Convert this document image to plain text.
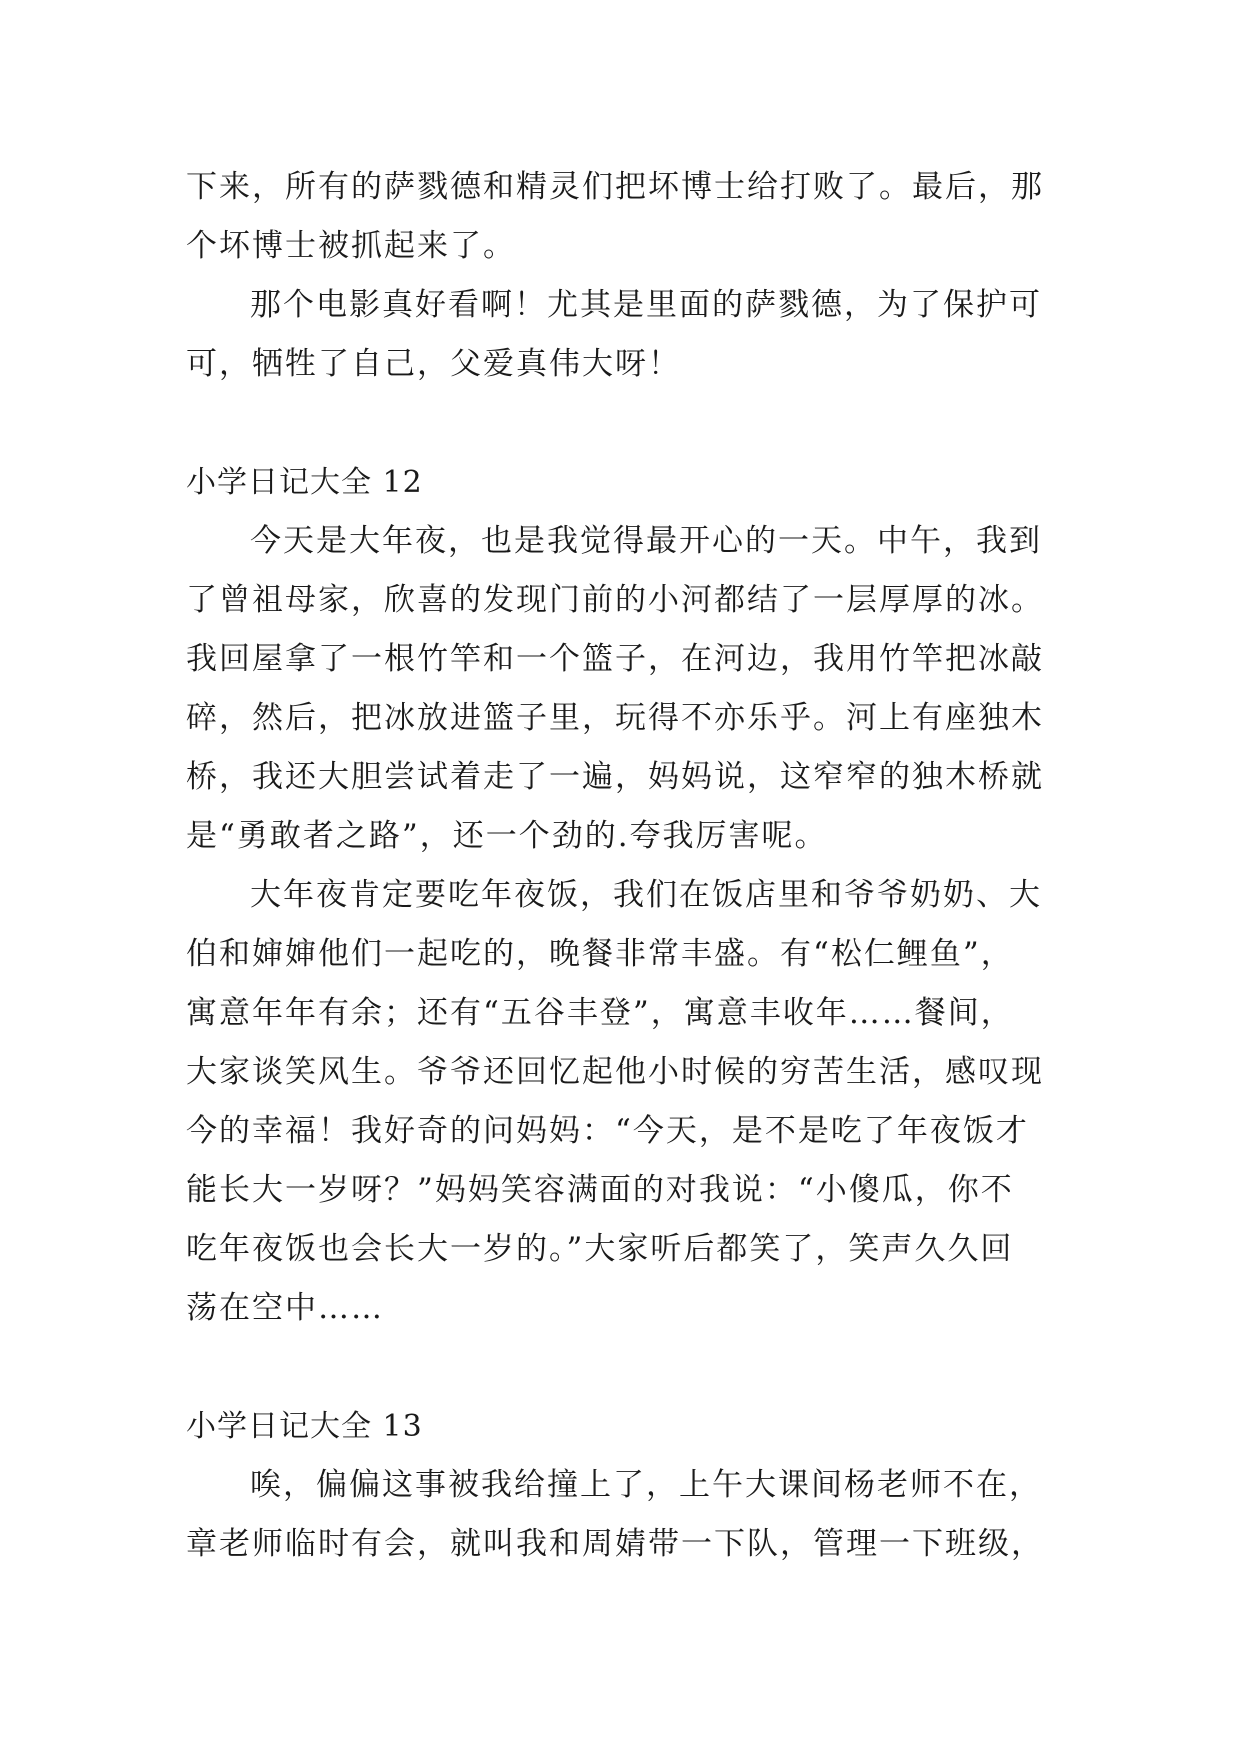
下来，所有的萨戮德和精灵们把坏博士给打败了。最后，那
个坏博士被抓起来了。
那个电影真好看啊！尤其是里面的萨戮德，为了保护可
可，牺牲了自己，父爱真伟大呀！
小学日记大全 12
今天是大年夜，也是我觉得最开心的一天。中午，我到
了曾祖母家，欣喜的发现门前的小河都结了一层厚厚的冰。
我回屋拿了一根竹竿和一个篮子，在河边，我用竹竿把冰敲
碎，然后，把冰放进篮子里，玩得不亦乐乎。河上有座独木
桥，我还大胆尝试着走了一遍，妈妈说，这窄窄的独木桥就
是“勇敢者之路”，还一个劲的.夸我厉害呢。
大年夜肯定要吃年夜饭，我们在饭店里和爷爷奶奶、大
伯和婶婶他们一起吃的，晚餐非常丰盛。有“松仁鲤鱼”，
寓意年年有余；还有“五谷丰登”，寓意丰收年……餐间，
大家谈笑风生。爷爷还回忆起他小时候的穷苦生活，感叹现
今的幸福！我好奇的问妈妈：“今天，是不是吃了年夜饭才
能长大一岁呀？”妈妈笑容满面的对我说：“小傻瓜，你不
吃年夜饭也会长大一岁的。”大家听后都笑了，笑声久久回
荡在空中……
小学日记大全 13
唉，偏偏这事被我给撞上了，上午大课间杨老师不在，
章老师临时有会，就叫我和周婧带一下队，管理一下班级，
